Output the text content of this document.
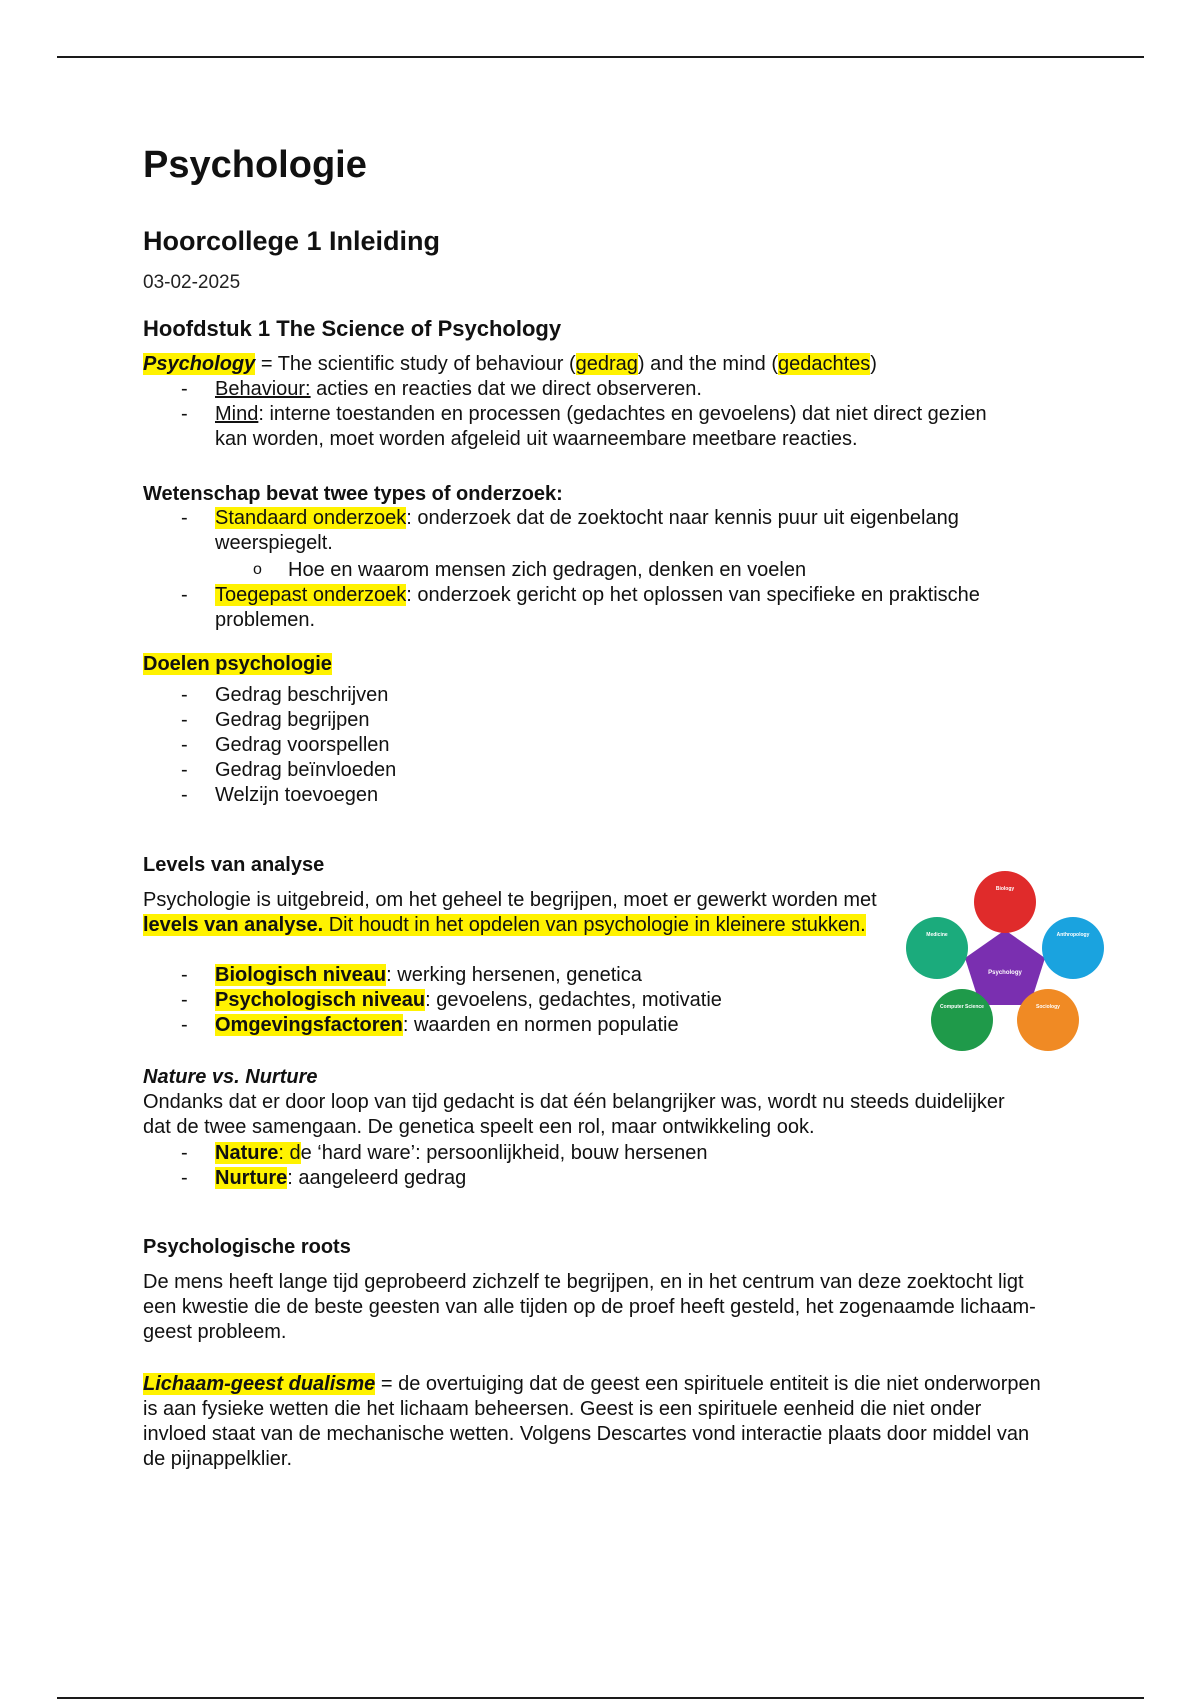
Psychologie
Hoorcollege 1 Inleiding
03-02-2025
Hoofdstuk 1 The Science of Psychology
Psychology = The scientific study of behaviour (gedrag) and the mind (gedachtes)
- Behaviour: acties en reacties dat we direct observeren.
- Mind: interne toestanden en processen (gedachtes en gevoelens) dat niet direct gezien kan worden, moet worden afgeleid uit waarneembare meetbare reacties.
Wetenschap bevat twee types of onderzoek:
- Standaard onderzoek: onderzoek dat de zoektocht naar kennis puur uit eigenbelang weerspiegelt.
o Hoe en waarom mensen zich gedragen, denken en voelen
- Toegepast onderzoek: onderzoek gericht op het oplossen van specifieke en praktische problemen.
Doelen psychologie
- Gedrag beschrijven
- Gedrag begrijpen
- Gedrag voorspellen
- Gedrag beïnvloeden
- Welzijn toevoegen
Levels van analyse
Psychologie is uitgebreid, om het geheel te begrijpen, moet er gewerkt worden met levels van analyse. Dit houdt in het opdelen van psychologie in kleinere stukken.
- Biologisch niveau: werking hersenen, genetica
- Psychologisch niveau: gevoelens, gedachtes, motivatie
- Omgevingsfactoren: waarden en normen populatie
Nature vs. Nurture
Ondanks dat er door loop van tijd gedacht is dat één belangrijker was, wordt nu steeds duidelijker dat de twee samengaan. De genetica speelt een rol, maar ontwikkeling ook.
- Nature: de ‘hard ware’: persoonlijkheid, bouw hersenen
- Nurture: aangeleerd gedrag
Psychologische roots
De mens heeft lange tijd geprobeerd zichzelf te begrijpen, en in het centrum van deze zoektocht ligt een kwestie die de beste geesten van alle tijden op de proef heeft gesteld, het zogenaamde lichaam-geest probleem.
Lichaam-geest dualisme = de overtuiging dat de geest een spirituele entiteit is die niet onderworpen is aan fysieke wetten die het lichaam beheersen. Geest is een spirituele eenheid die niet onder invloed staat van de mechanische wetten. Volgens Descartes vond interactie plaats door middel van de pijnappelklier.
Psychology
Biology
Anthropology
Sociology
Computer Science
Medicine
